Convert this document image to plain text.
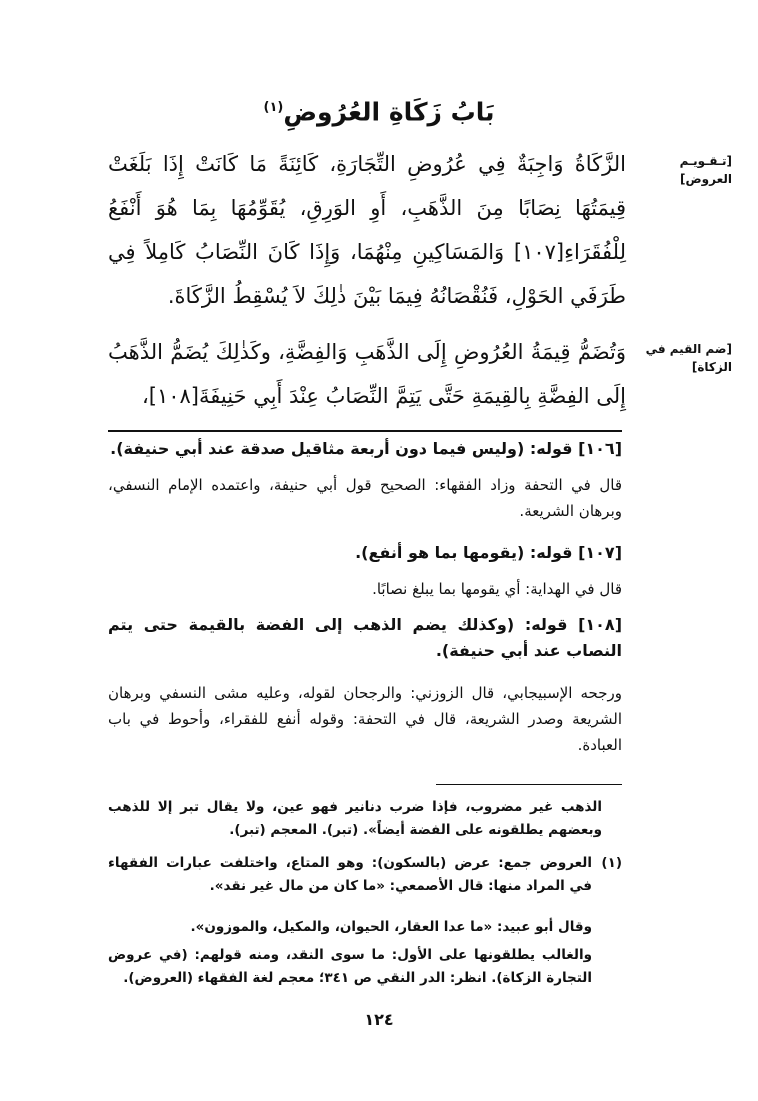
بَابُ زَكَاةِ العُرُوضِ$^{(١)}$
[تـقـويـم العروض]
[ضم القيم في الزكاة]
الزَّكَاةُ وَاجِبَةٌ فِي عُرُوضِ التِّجَارَةِ، كَائِنَةً مَا كَانَتْ إِذَا بَلَغَتْ قِيمَتُهَا نِصَابًا مِنَ الذَّهَبِ، أَوِ الوَرِقِ، يُقَوِّمُهَا بِمَا هُوَ أَنْفَعُ لِلْفُقَرَاءِ[١٠٧] وَالمَسَاكِينِ مِنْهُمَا، وَإِذَا كَانَ النِّصَابُ كَامِلاً فِي طَرَفَي الحَوْلِ، فَنُقْصَانُهُ فِيمَا بَيْنَ ذٰلِكَ لاَ يُسْقِطُ الزَّكَاةَ.
وَتُضَمُّ قِيمَةُ العُرُوضِ إِلَى الذَّهَبِ وَالفِضَّةِ، وكَذٰلِكَ يُضَمُّ الذَّهَبُ إِلَى الفِضَّةِ بِالقِيمَةِ حَتَّى يَتِمَّ النِّصَابُ عِنْدَ أَبِي حَنِيفَةَ[١٠٨]،
[١٠٦] قوله: (وليس فيما دون أربعة مثاقيل صدقة عند أبي حنيفة).
قال في التحفة وزاد الفقهاء: الصحيح قول أبي حنيفة، واعتمده الإمام النسفي، وبرهان الشريعة.
[١٠٧] قوله: (يقومها بما هو أنفع).
قال في الهداية: أي يقومها بما يبلغ نصابًا.
[١٠٨] قوله: (وكذلك يضم الذهب إلى الفضة بالقيمة حتى يتم النصاب عند أبي حنيفة).
ورجحه الإسبيجابي، قال الزوزني: والرجحان لقوله، وعليه مشى النسفي وبرهان الشريعة وصدر الشريعة، قال في التحفة: وقوله أنفع للفقراء، وأحوط في باب العبادة.
الذهب غير مضروب، فإذا ضرب دنانير فهو عين، ولا يقال تبر إلا للذهب وبعضهم يطلقونه على الفضة أيضاً». (تبر). المعجم (تبر).
(١)
العروض جمع: عرض (بالسكون): وهو المتاع، واختلفت عبارات الفقهاء في المراد منها: قال الأصمعي: «ما كان من مال غير نقد».
وقال أبو عبيد: «ما عدا العقار، الحيوان، والمكيل، والموزون».
والغالب يطلقونها على الأول: ما سوى النقد، ومنه قولهم: (في عروض التجارة الزكاة). انظر: الدر النقي ص ٣٤١؛ معجم لغة الفقهاء (العروض).
١٢٤
